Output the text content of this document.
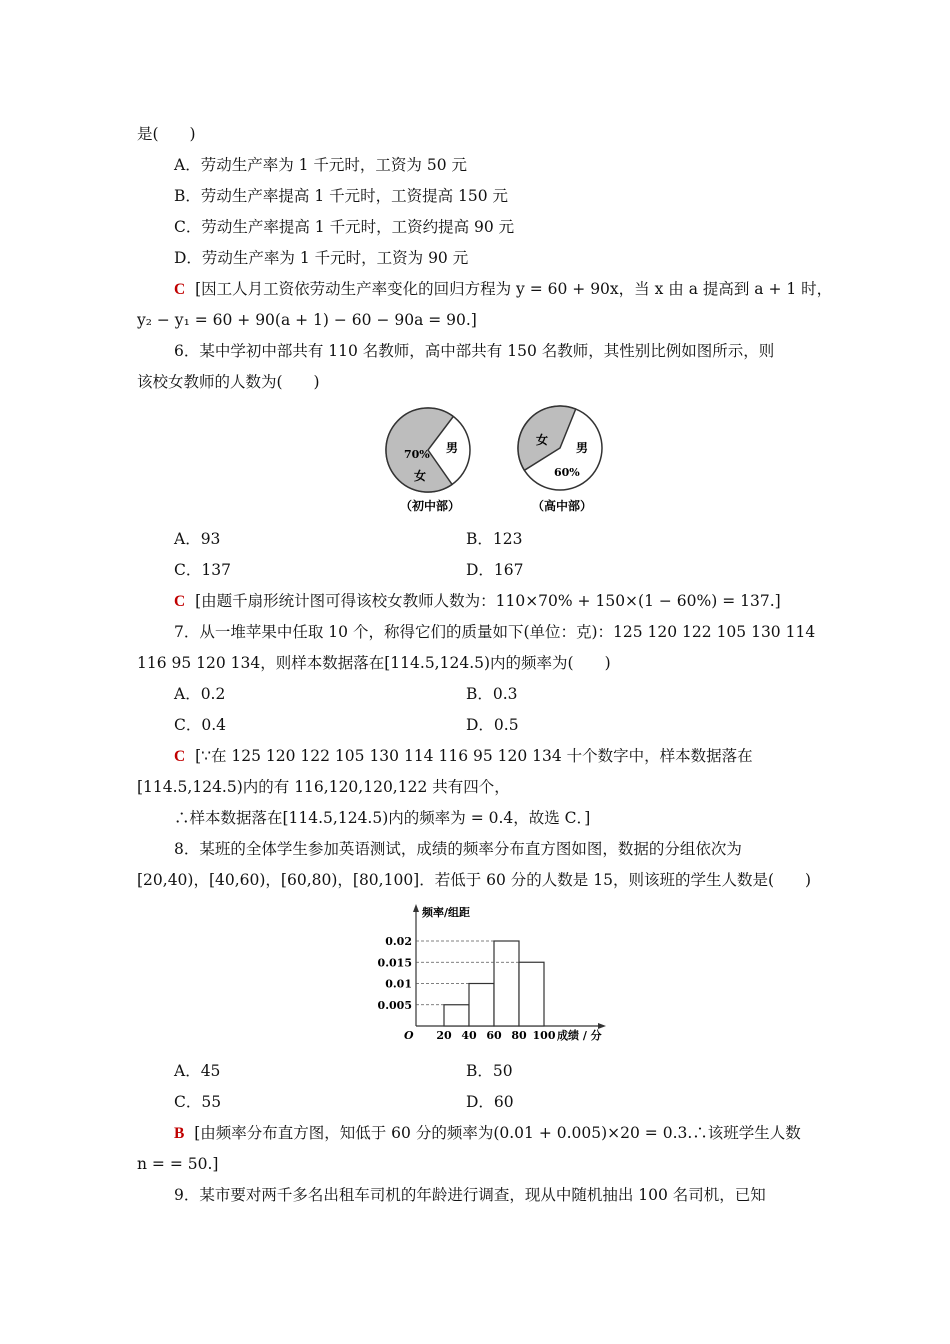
是(　　)
A．劳动生产率为 1 千元时，工资为 50 元
B．劳动生产率提高 1 千元时，工资提高 150 元
C．劳动生产率提高 1 千元时，工资约提高 90 元
D．劳动生产率为 1 千元时，工资为 90 元
C [因工人月工资依劳动生产率变化的回归方程为 y = 60 + 90x，当 x 由 a 提高到 a + 1 时，
y₂ − y₁ = 60 + 90(a + 1) − 60 − 90a = 90.]
6．某中学初中部共有 110 名教师，高中部共有 150 名教师，其性别比例如图所示，则
该校女教师的人数为(　　)
70%
女
男
（初中部）
女
男
60%
（高中部）
A．93	B．123
C．137	D．167
C [由题千扇形统计图可得该校女教师人数为：110×70% + 150×(1 − 60%) = 137.]
7．从一堆苹果中任取 10 个，称得它们的质量如下(单位：克)：125 120 122 105 130 114
116 95 120 134，则样本数据落在[114.5,124.5)内的频率为(　　)
A．0.2	B．0.3
C．0.4	D．0.5
C [∵在 125 120 122 105 130 114 116 95 120 134 十个数字中，样本数据落在
[114.5,124.5)内的有 116,120,120,122 共有四个，
∴样本数据落在[114.5,124.5)内的频率为 = 0.4，故选 C．]
8．某班的全体学生参加英语测试，成绩的频率分布直方图如图，数据的分组依次为
[20,40)，[40,60)，[60,80)，[80,100]．若低于 60 分的人数是 15，则该班的学生人数是(　　)
频率/组距
成绩 / 分
O 20 40 60 80 100
0.005
0.01
0.015
0.02
A．45	B．50
C．55	D．60
B [由频率分布直方图，知低于 60 分的频率为(0.01 + 0.005)×20 = 0.3.∴该班学生人数
n = = 50.]
9．某市要对两千多名出租车司机的年龄进行调查，现从中随机抽出 100 名司机，已知
